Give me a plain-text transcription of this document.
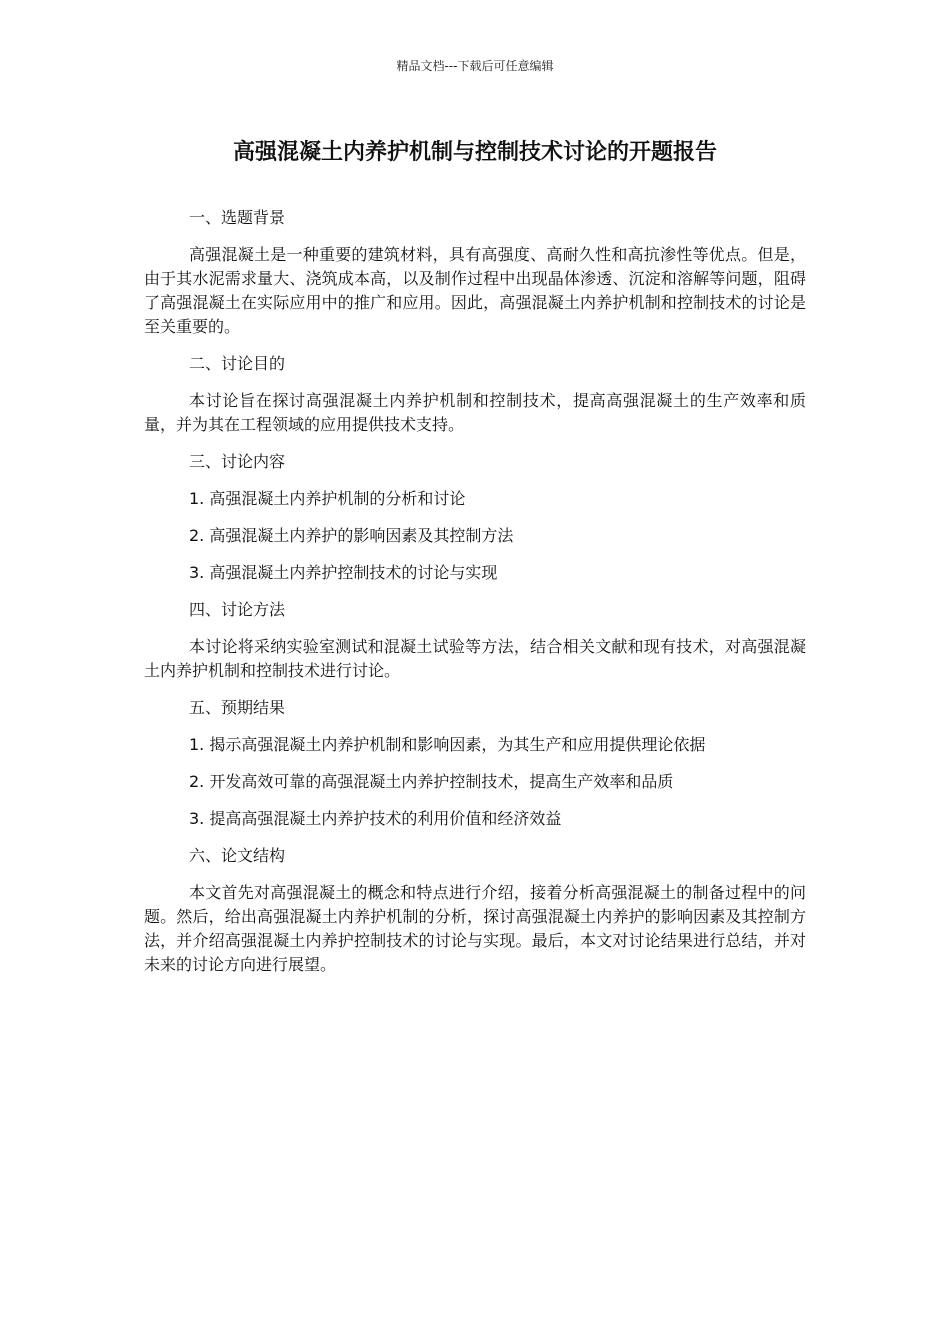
精品文档---下载后可任意编辑
高强混凝土内养护机制与控制技术讨论的开题报告
一、选题背景

高强混凝土是一种重要的建筑材料，具有高强度、高耐久性和高抗渗性等优点。但是，由于其水泥需求量大、浇筑成本高，以及制作过程中出现晶体渗透、沉淀和溶解等问题，阻碍了高强混凝土在实际应用中的推广和应用。因此，高强混凝土内养护机制和控制技术的讨论是至关重要的。

二、讨论目的

本讨论旨在探讨高强混凝土内养护机制和控制技术，提高高强混凝土的生产效率和质量，并为其在工程领域的应用提供技术支持。

三、讨论内容
1. 高强混凝土内养护机制的分析和讨论
2. 高强混凝土内养护的影响因素及其控制方法
3. 高强混凝土内养护控制技术的讨论与实现
四、讨论方法

本讨论将采纳实验室测试和混凝土试验等方法，结合相关文献和现有技术，对高强混凝土内养护机制和控制技术进行讨论。

五、预期结果
1. 揭示高强混凝土内养护机制和影响因素，为其生产和应用提供理论依据
2. 开发高效可靠的高强混凝土内养护控制技术，提高生产效率和品质
3. 提高高强混凝土内养护技术的利用价值和经济效益
六、论文结构

本文首先对高强混凝土的概念和特点进行介绍，接着分析高强混凝土的制备过程中的问题。然后，给出高强混凝土内养护机制的分析，探讨高强混凝土内养护的影响因素及其控制方法，并介绍高强混凝土内养护控制技术的讨论与实现。最后，本文对讨论结果进行总结，并对未来的讨论方向进行展望。
